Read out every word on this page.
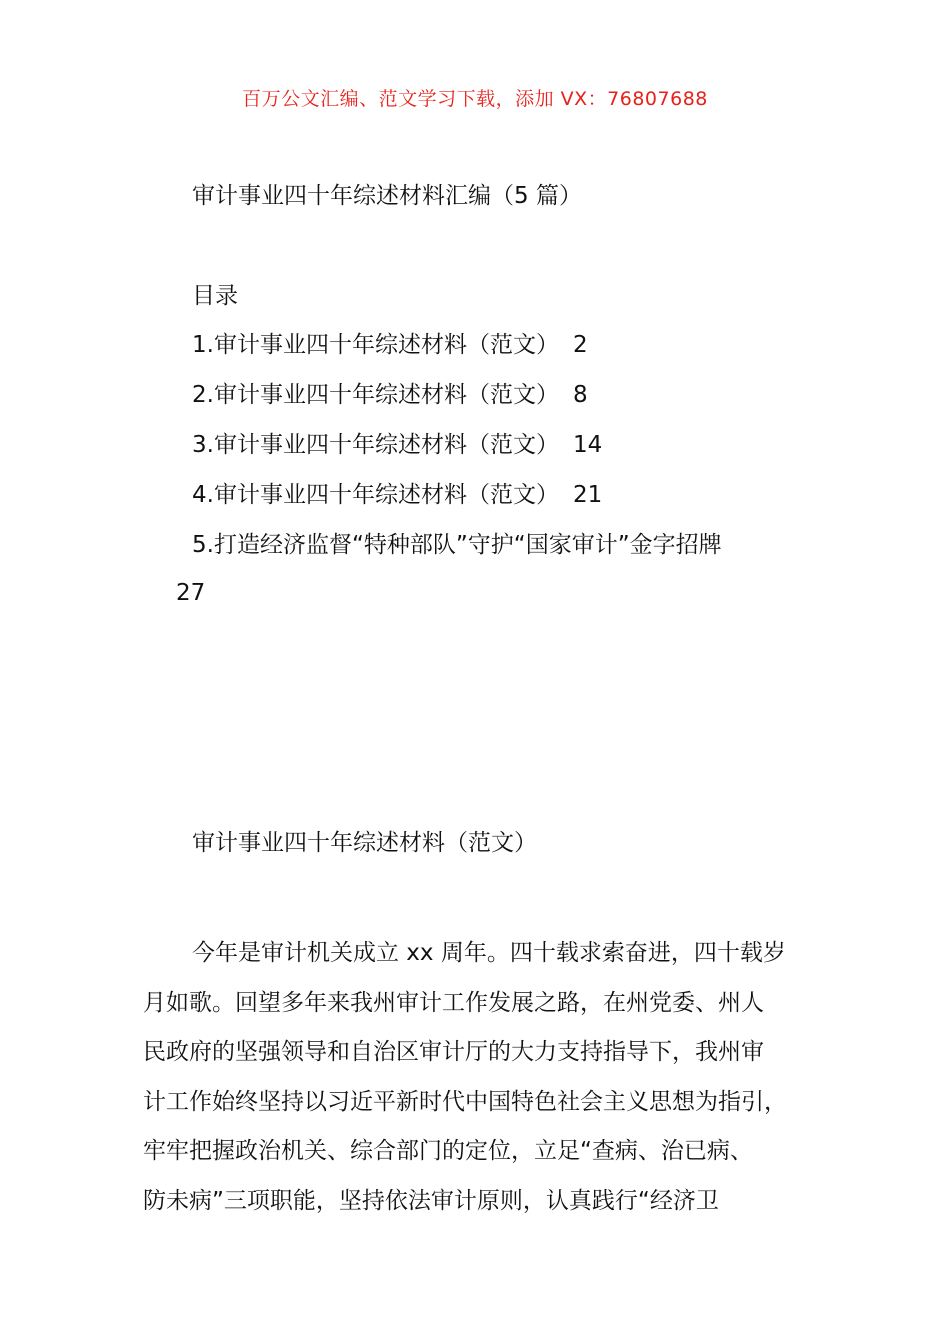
百万公文汇编、范文学习下载，添加 VX：76807688
审计事业四十年综述材料汇编（5 篇）
目录
1.审计事业四十年综述材料（范文） 2
2.审计事业四十年综述材料（范文） 8
3.审计事业四十年综述材料（范文） 14
4.审计事业四十年综述材料（范文） 21
5.打造经济监督“特种部队”守护“国家审计”金字招牌
27
审计事业四十年综述材料（范文）
今年是审计机关成立 xx 周年。四十载求索奋进，四十载岁
月如歌。回望多年来我州审计工作发展之路，在州党委、州人
民政府的坚强领导和自治区审计厅的大力支持指导下，我州审
计工作始终坚持以习近平新时代中国特色社会主义思想为指引，
牢牢把握政治机关、综合部门的定位，立足“查病、治已病、
防未病”三项职能，坚持依法审计原则，认真践行“经济卫
